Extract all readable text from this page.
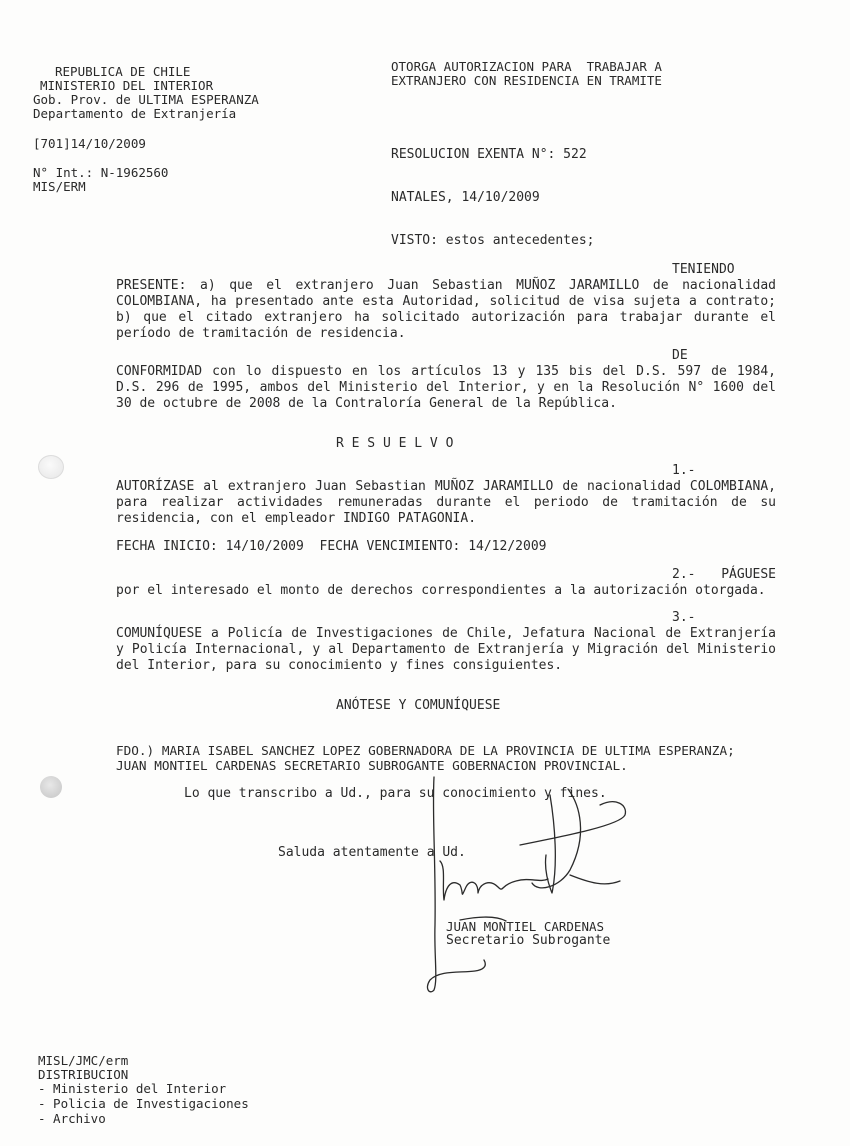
REPUBLICA DE CHILE
MINISTERIO DEL INTERIOR
Gob. Prov. de ULTIMA ESPERANZA
Departamento de Extranjería
[701]14/10/2009
N° Int.: N-1962560
MIS/ERM
OTORGA AUTORIZACION PARA  TRABAJAR A
EXTRANJERO CON RESIDENCIA EN TRAMITE
RESOLUCION EXENTA N°: 522
NATALES, 14/10/2009
VISTO: estos antecedentes;

TENIENDO PRESENTE: a) que el extranjero Juan Sebastian MUÑOZ JARAMILLO de nacionalidad COLOMBIANA, ha presentado ante esta Autoridad, solicitud de visa sujeta a contrato; b) que el citado extranjero ha solicitado autorización para trabajar durante el período de tramitación de residencia.

DE CONFORMIDAD con lo dispuesto en los artículos 13 y 135 bis del D.S. 597 de 1984, D.S. 296 de 1995, ambos del Ministerio del Interior, y en la Resolución N° 1600 del 30 de octubre de 2008 de la Contraloría General de la República.

R E S U E L V O

1.- AUTORÍZASE al extranjero Juan Sebastian MUÑOZ JARAMILLO de nacionalidad COLOMBIANA, para realizar actividades remuneradas durante el periodo de tramitación de su residencia, con el empleador INDIGO PATAGONIA.

FECHA INICIO: 14/10/2009  FECHA VENCIMIENTO: 14/12/2009

2.- PÁGUESE por el interesado el monto de derechos correspondientes a la autorización otorgada.

3.- COMUNÍQUESE a Policía de Investigaciones de Chile, Jefatura Nacional de Extranjería y Policía Internacional, y al Departamento de Extranjería y Migración del Ministerio del Interior, para su conocimiento y fines consiguientes.

ANÓTESE Y COMUNÍQUESE
FDO.) MARIA ISABEL SANCHEZ LOPEZ GOBERNADORA DE LA PROVINCIA DE ULTIMA ESPERANZA;
JUAN MONTIEL CARDENAS SECRETARIO SUBROGANTE GOBERNACION PROVINCIAL.
Lo que transcribo a Ud., para su conocimiento y fines.
Saluda atentamente a Ud.
JUAN MONTIEL CARDENAS
Secretario Subrogante
MISL/JMC/erm
DISTRIBUCION
- Ministerio del Interior
- Policia de Investigaciones
- Archivo
